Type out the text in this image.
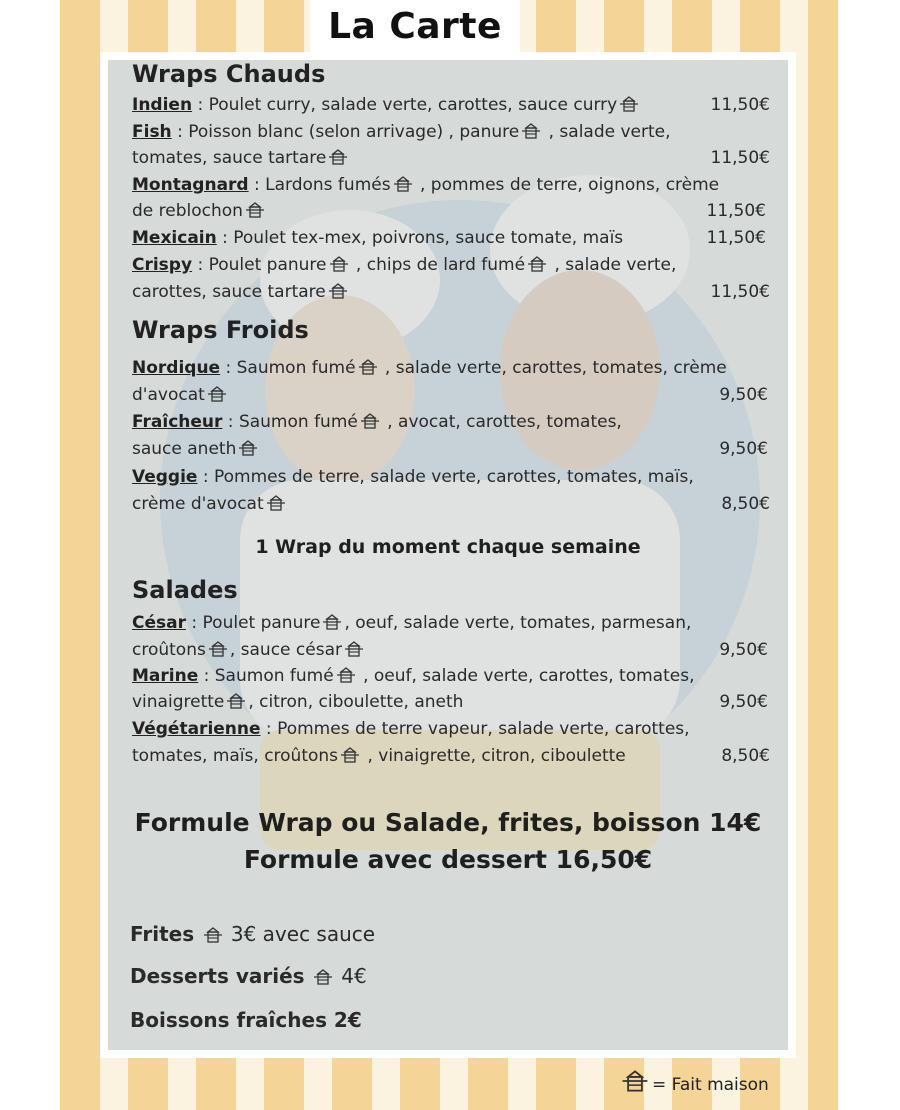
La Carte
Wraps Chauds
Indien : Poulet curry, salade verte, carottes, sauce curry	11,50€
Fish : Poisson blanc (selon arrivage) , panure , salade verte,
tomates, sauce tartare	11,50€
Montagnard : Lardons fumés , pommes de terre, oignons, crème
de reblochon	11,50€
Mexicain : Poulet tex-mex, poivrons, sauce tomate, maïs	11,50€
Crispy : Poulet panure , chips de lard fumé , salade verte,
carottes, sauce tartare	11,50€
Wraps Froids
Nordique : Saumon fumé , salade verte, carottes, tomates, crème
d'avocat	9,50€
Fraîcheur : Saumon fumé , avocat, carottes, tomates,
sauce aneth	9,50€
Veggie : Pommes de terre, salade verte, carottes, tomates, maïs,
crème d'avocat	8,50€
1 Wrap du moment chaque semaine
Salades
César : Poulet panure , oeuf, salade verte, tomates, parmesan,
croûtons , sauce césar	9,50€
Marine : Saumon fumé , oeuf, salade verte, carottes, tomates,
vinaigrette , citron, ciboulette, aneth	9,50€
Végétarienne : Pommes de terre vapeur, salade verte, carottes,
tomates, maïs, croûtons , vinaigrette, citron, ciboulette	8,50€
Formule Wrap ou Salade, frites, boisson 14€
Formule avec dessert 16,50€
Frites 3€ avec sauce
Desserts variés 4€
Boissons fraîches 2€
= Fait maison
